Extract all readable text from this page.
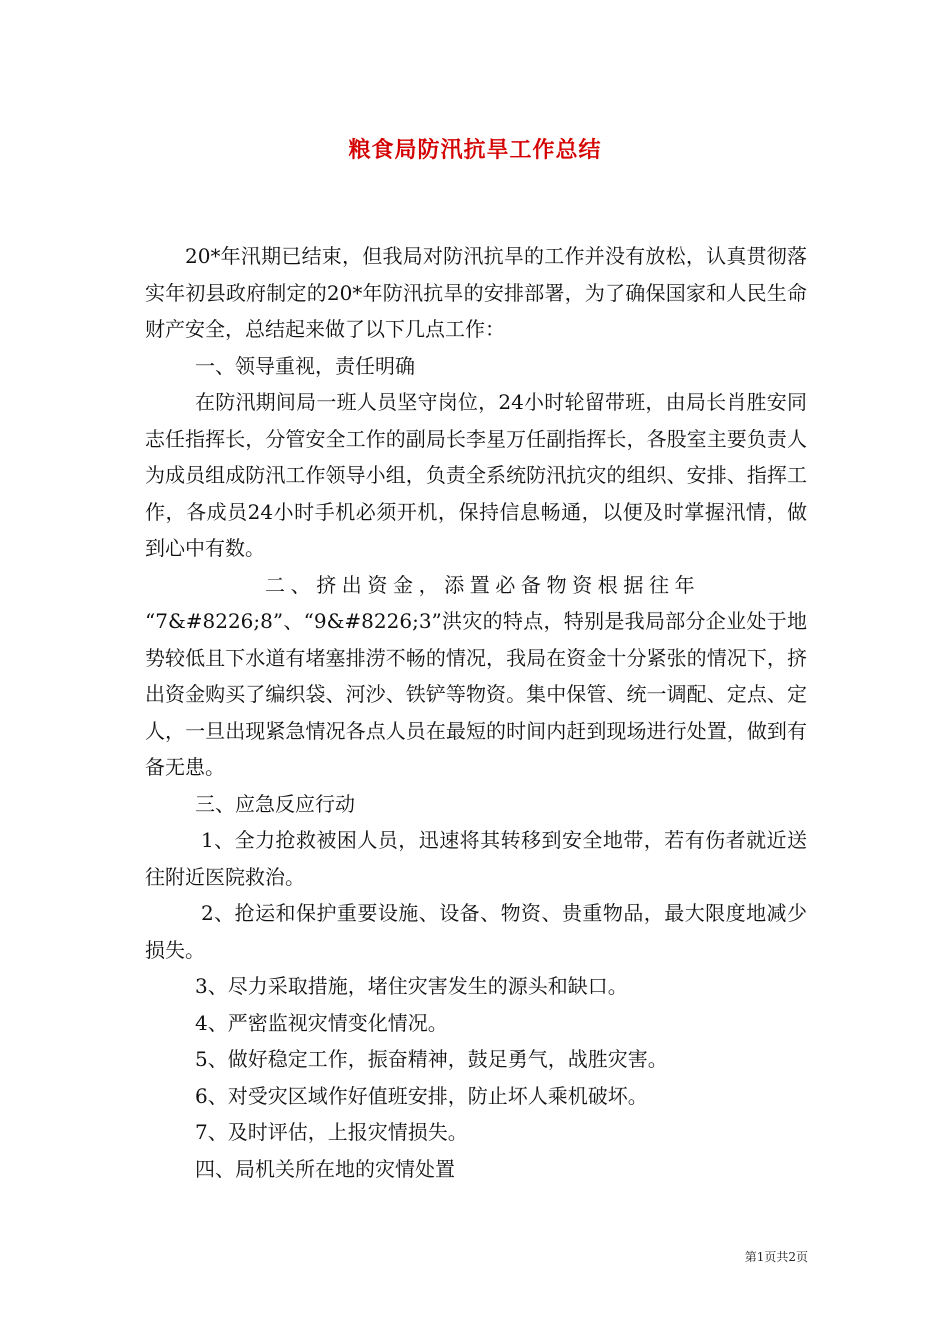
粮食局防汛抗旱工作总结

20*年汛期已结束，但我局对防汛抗旱的工作并没有放松，认真贯彻落实年初县政府制定的20*年防汛抗旱的安排部署，为了确保国家和人民生命财产安全，总结起来做了以下几点工作：

一、领导重视，责任明确

在防汛期间局一班人员坚守岗位，24小时轮留带班，由局长肖胜安同志任指挥长，分管安全工作的副局长李星万任副指挥长，各股室主要负责人为成员组成防汛工作领导小组，负责全系统防汛抗灾的组织、安排、指挥工作，各成员24小时手机必须开机，保持信息畅通，以便及时掌握汛情，做到心中有数。

二、挤出资金，添置必备物资根据往年

“7&#8226;8”、“9&#8226;3”洪灾的特点，特别是我局部分企业处于地势较低且下水道有堵塞排涝不畅的情况，我局在资金十分紧张的情况下，挤出资金购买了编织袋、河沙、铁铲等物资。集中保管、统一调配、定点、定人，一旦出现紧急情况各点人员在最短的时间内赶到现场进行处置，做到有备无患。

三、应急反应行动

1、全力抢救被困人员，迅速将其转移到安全地带，若有伤者就近送往附近医院救治。

2、抢运和保护重要设施、设备、物资、贵重物品，最大限度地减少损失。

3、尽力采取措施，堵住灾害发生的源头和缺口。

4、严密监视灾情变化情况。

5、做好稳定工作，振奋精神，鼓足勇气，战胜灾害。

6、对受灾区域作好值班安排，防止坏人乘机破坏。

7、及时评估，上报灾情损失。

四、局机关所在地的灾情处置

第1页共2页
